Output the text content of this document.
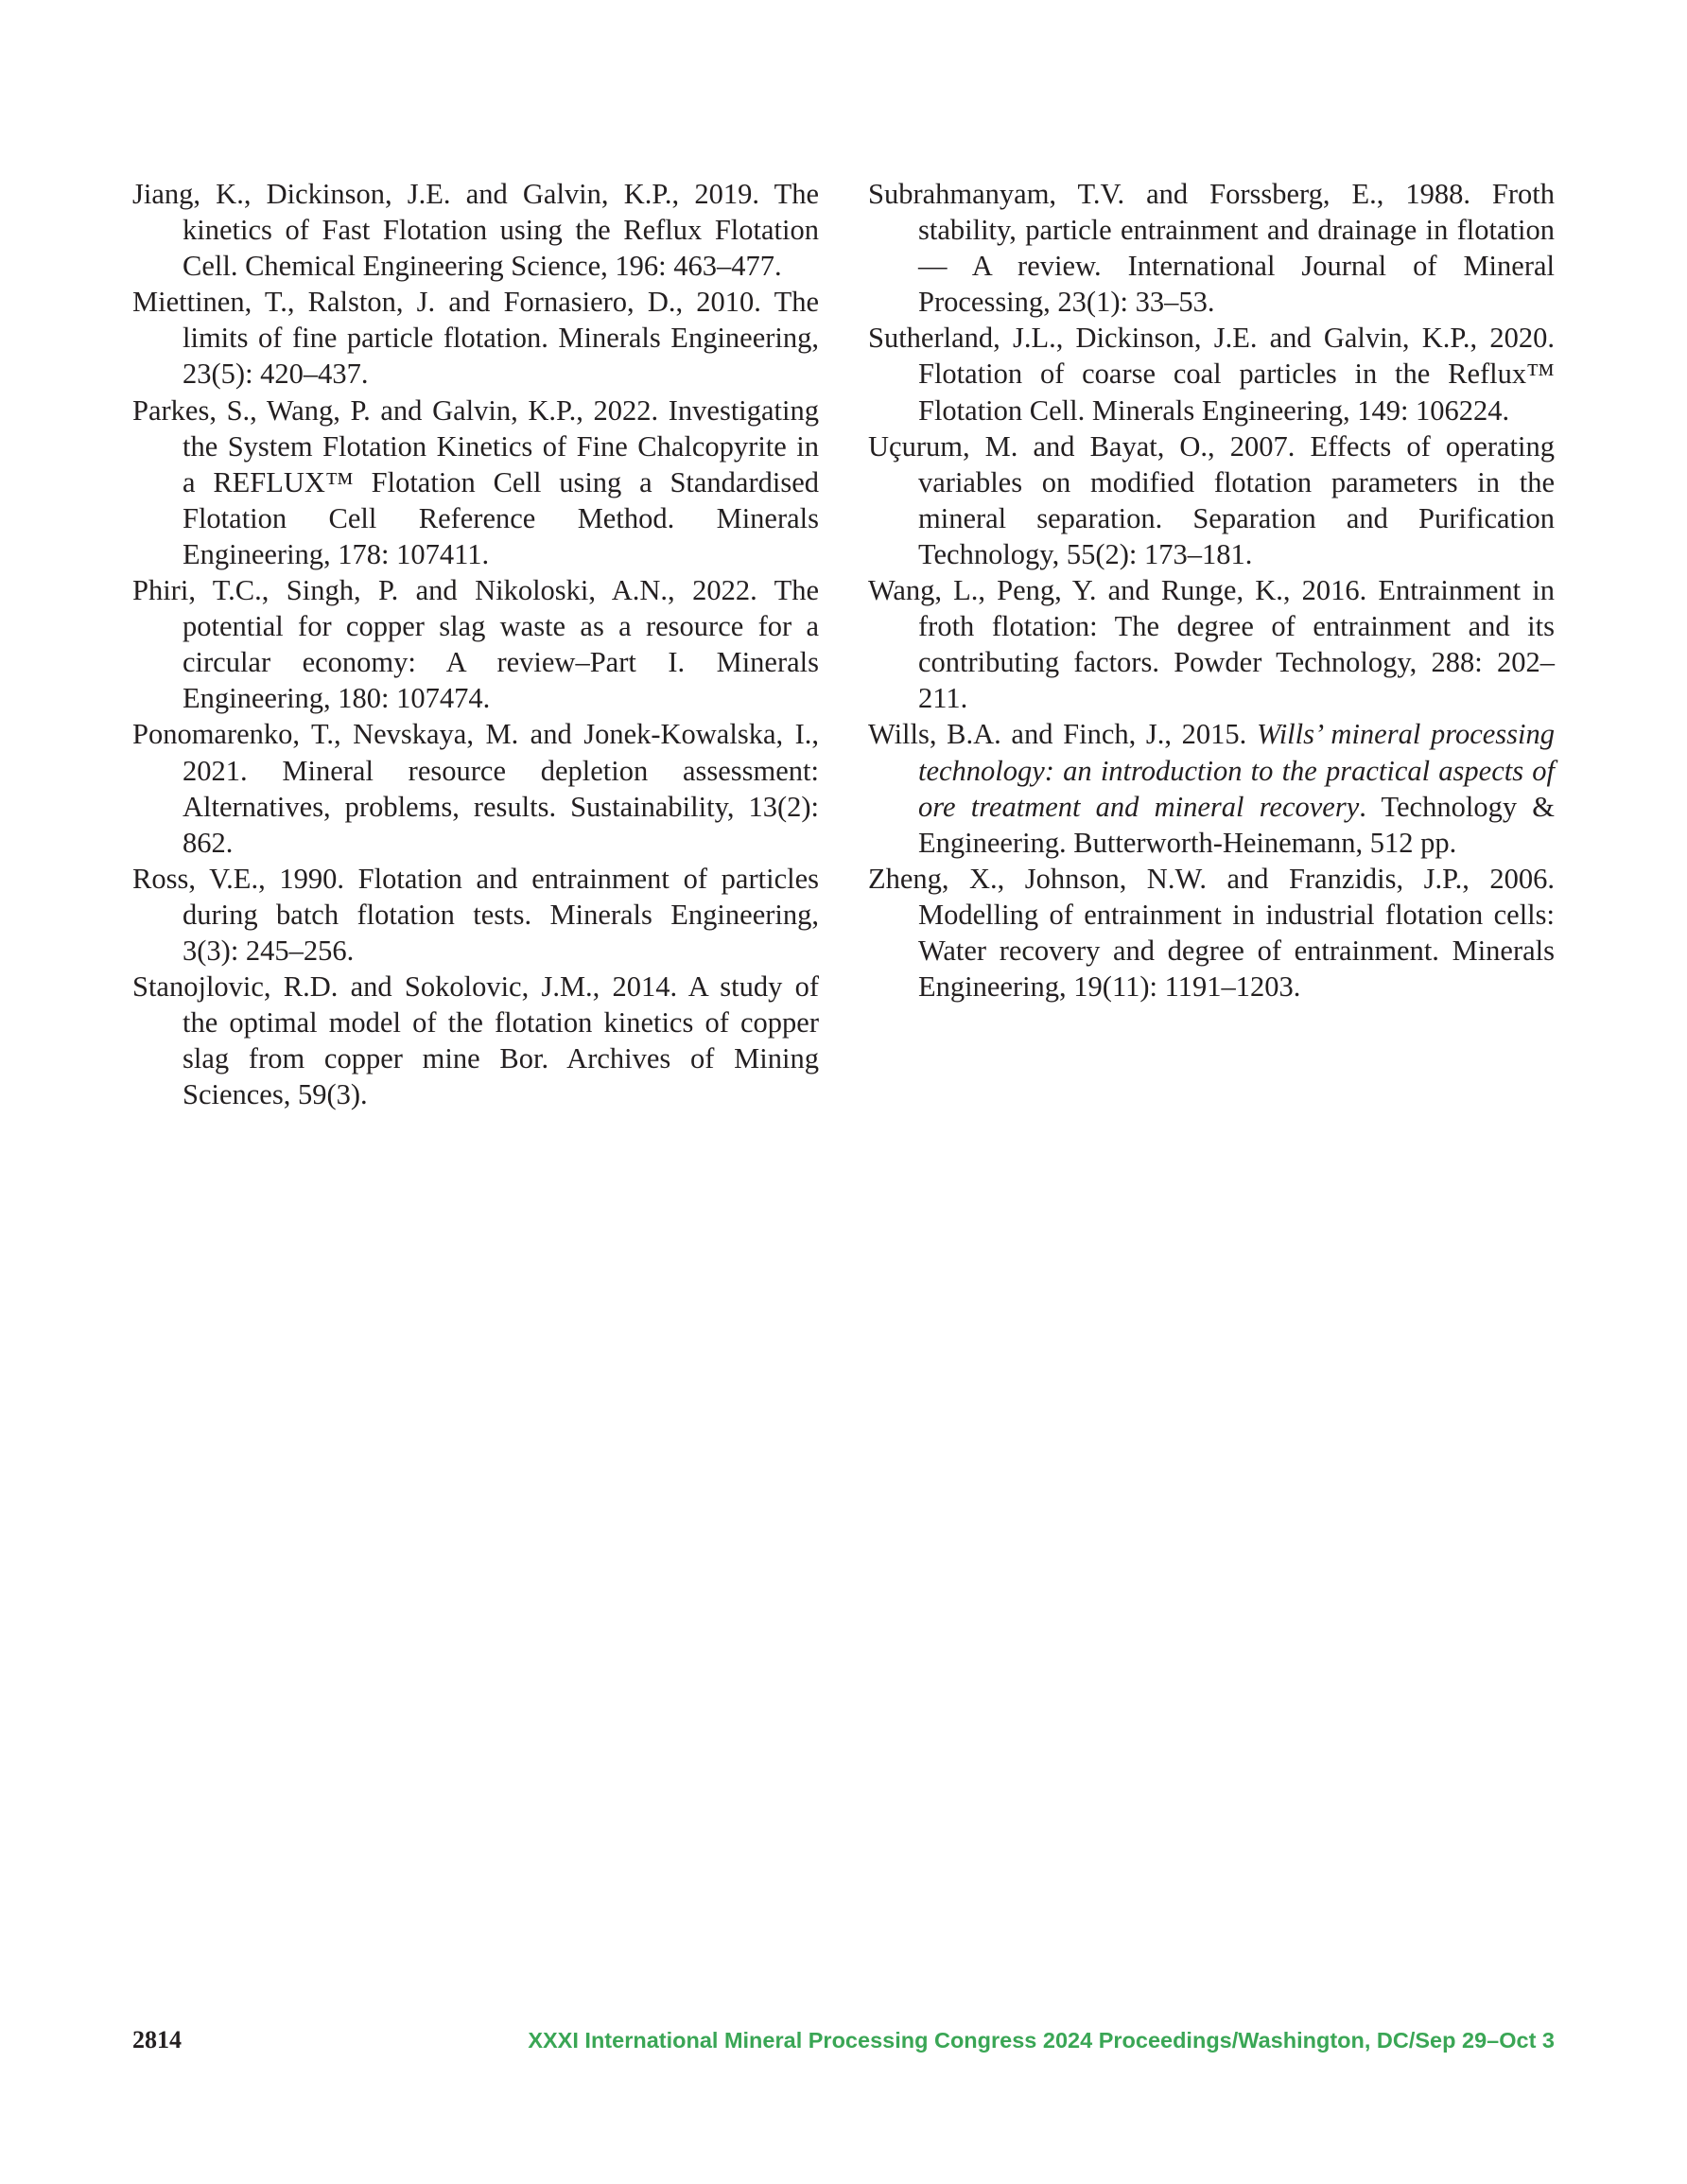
Jiang, K., Dickinson, J.E. and Galvin, K.P., 2019. The kinetics of Fast Flotation using the Reflux Flotation Cell. Chemical Engineering Science, 196: 463–477.

Miettinen, T., Ralston, J. and Fornasiero, D., 2010. The limits of fine particle flotation. Minerals Engineering, 23(5): 420–437.

Parkes, S., Wang, P. and Galvin, K.P., 2022. Investigating the System Flotation Kinetics of Fine Chalcopyrite in a REFLUX™ Flotation Cell using a Standardised Flotation Cell Reference Method. Minerals Engineering, 178: 107411.

Phiri, T.C., Singh, P. and Nikoloski, A.N., 2022. The potential for copper slag waste as a resource for a circular economy: A review–Part I. Minerals Engineering, 180: 107474.

Ponomarenko, T., Nevskaya, M. and Jonek-Kowalska, I., 2021. Mineral resource depletion assessment: Alternatives, problems, results. Sustainability, 13(2): 862.

Ross, V.E., 1990. Flotation and entrainment of particles during batch flotation tests. Minerals Engineering, 3(3): 245–256.

Stanojlovic, R.D. and Sokolovic, J.M., 2014. A study of the optimal model of the flotation kinetics of copper slag from copper mine Bor. Archives of Mining Sciences, 59(3).

Subrahmanyam, T.V. and Forssberg, E., 1988. Froth stability, particle entrainment and drainage in flotation — A review. International Journal of Mineral Processing, 23(1): 33–53.

Sutherland, J.L., Dickinson, J.E. and Galvin, K.P., 2020. Flotation of coarse coal particles in the Reflux™ Flotation Cell. Minerals Engineering, 149: 106224.

Uçurum, M. and Bayat, O., 2007. Effects of operating variables on modified flotation parameters in the mineral separation. Separation and Purification Technology, 55(2): 173–181.

Wang, L., Peng, Y. and Runge, K., 2016. Entrainment in froth flotation: The degree of entrainment and its contributing factors. Powder Technology, 288: 202–211.

Wills, B.A. and Finch, J., 2015. Wills’ mineral processing technology: an introduction to the practical aspects of ore treatment and mineral recovery. Technology & Engineering. Butterworth-Heinemann, 512 pp.

Zheng, X., Johnson, N.W. and Franzidis, J.P., 2006. Modelling of entrainment in industrial flotation cells: Water recovery and degree of entrainment. Minerals Engineering, 19(11): 1191–1203.

2814	XXXI International Mineral Processing Congress 2024 Proceedings/Washington, DC/Sep 29–Oct 3
